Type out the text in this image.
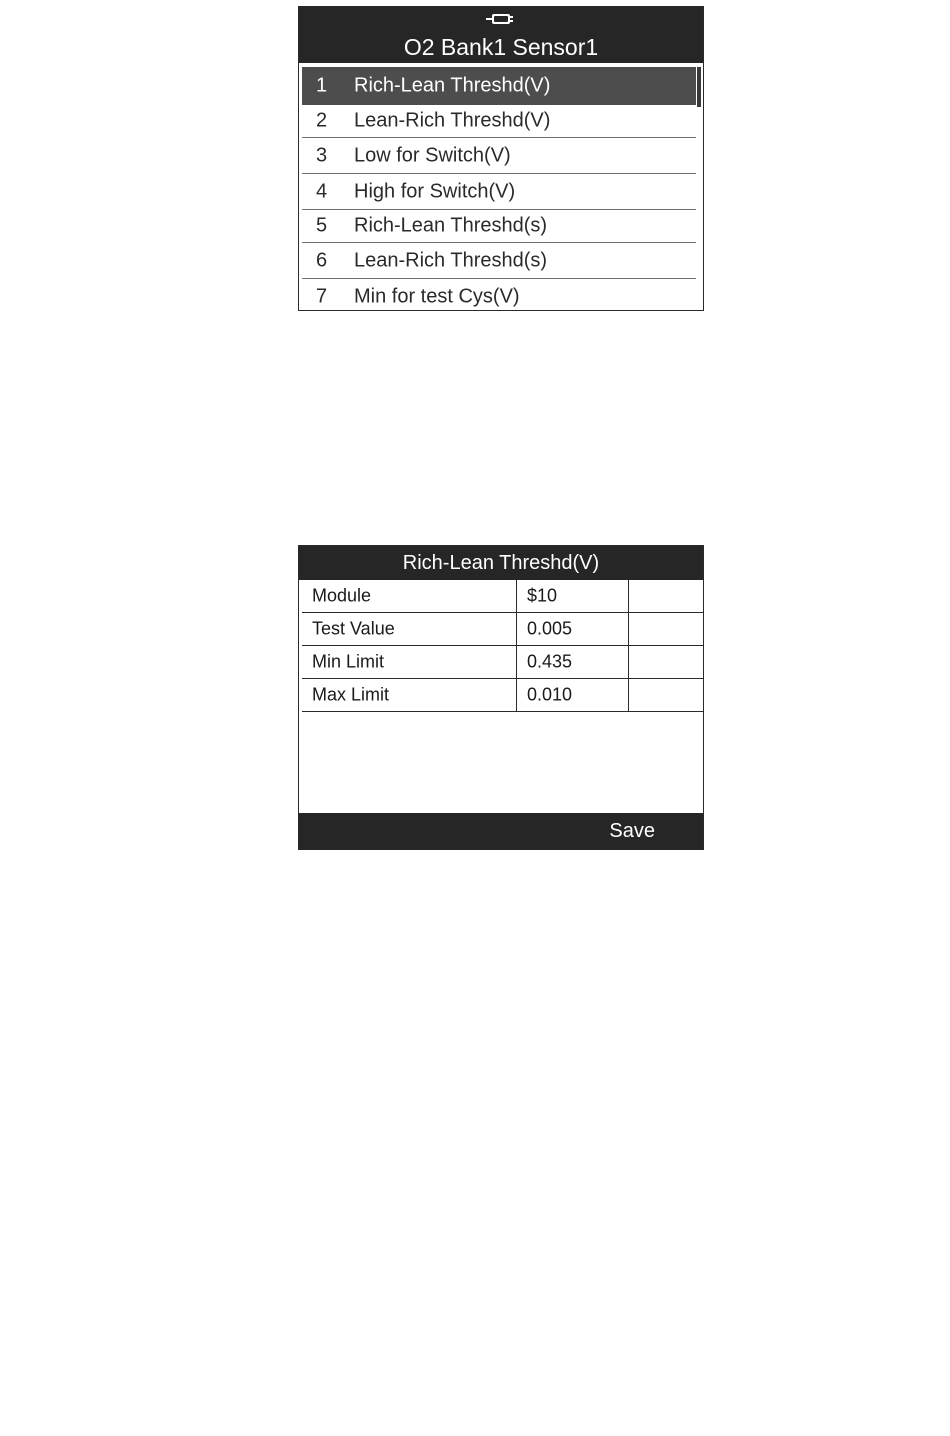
O2 Bank1 Sensor1
1 Rich-Lean Threshd(V)
2 Lean-Rich Threshd(V)
3 Low for Switch(V)
4 High for Switch(V)
5 Rich-Lean Threshd(s)
6 Lean-Rich Threshd(s)
7 Min for test Cys(V)
Rich-Lean Threshd(V)
Module	$10
Test Value	0.005
Min Limit	0.435
Max Limit	0.010
Save
